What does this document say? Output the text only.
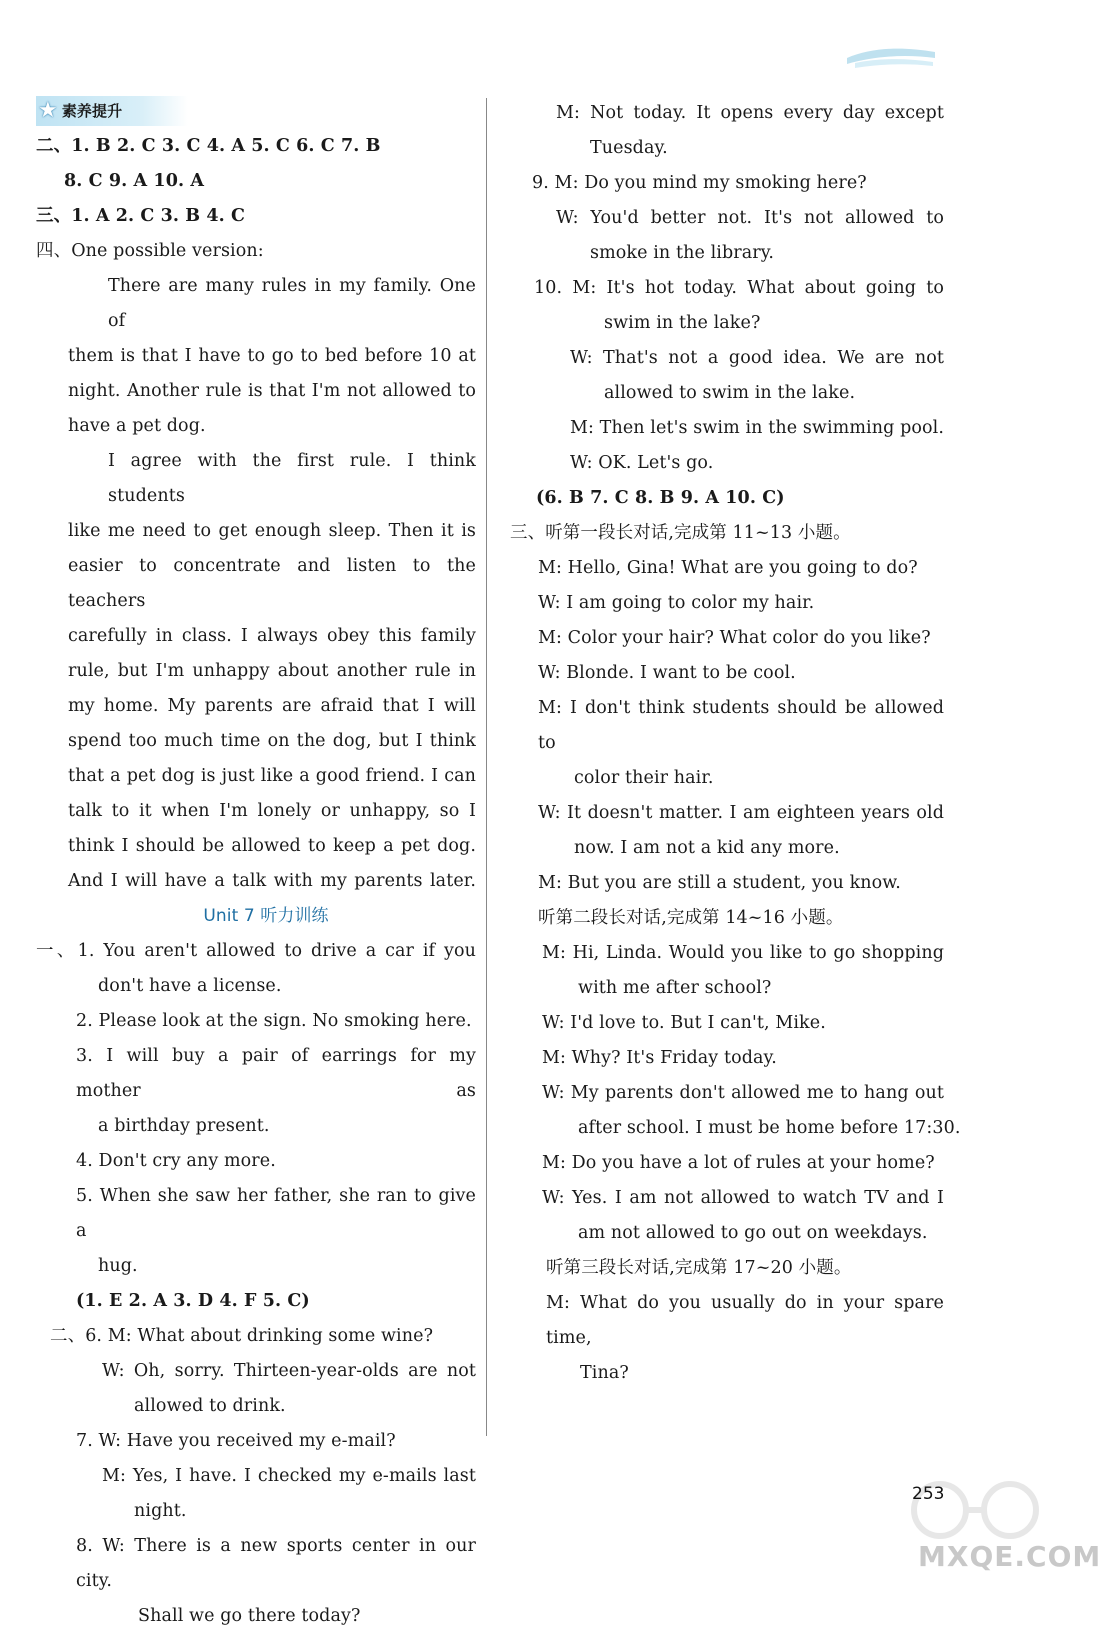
★ 素养提升
二、1. B 2. C 3. C 4. A 5. C 6. C 7. B
8. C 9. A 10. A
三、1. A 2. C 3. B 4. C
四、One possible version:
There are many rules in my family. One of
them is that I have to go to bed before 10 at
night. Another rule is that I'm not allowed to
have a pet dog.
I agree with the first rule. I think students
like me need to get enough sleep. Then it is
easier to concentrate and listen to the teachers
carefully in class. I always obey this family
rule, but I'm unhappy about another rule in
my home. My parents are afraid that I will
spend too much time on the dog, but I think
that a pet dog is just like a good friend. I can
talk to it when I'm lonely or unhappy, so I
think I should be allowed to keep a pet dog.
And I will have a talk with my parents later.
Unit 7 听力训练
一、1. You aren't allowed to drive a car if you
don't have a license.
2. Please look at the sign. No smoking here.
3. I will buy a pair of earrings for my mother as
a birthday present.
4. Don't cry any more.
5. When she saw her father, she ran to give a
hug.
(1. E 2. A 3. D 4. F 5. C)
二、6. M: What about drinking some wine?
W: Oh, sorry. Thirteen-year-olds are not
allowed to drink.
7. W: Have you received my e-mail?
M: Yes, I have. I checked my e-mails last
night.
8. W: There is a new sports center in our city.
Shall we go there today?
M: Not today. It opens every day except
Tuesday.
9. M: Do you mind my smoking here?
W: You'd better not. It's not allowed to
smoke in the library.
10. M: It's hot today. What about going to
swim in the lake?
W: That's not a good idea. We are not
allowed to swim in the lake.
M: Then let's swim in the swimming pool.
W: OK. Let's go.
(6. B 7. C 8. B 9. A 10. C)
三、听第一段长对话,完成第 11~13 小题。
M: Hello, Gina! What are you going to do?
W: I am going to color my hair.
M: Color your hair? What color do you like?
W: Blonde. I want to be cool.
M: I don't think students should be allowed to
color their hair.
W: It doesn't matter. I am eighteen years old
now. I am not a kid any more.
M: But you are still a student, you know.
听第二段长对话,完成第 14~16 小题。
M: Hi, Linda. Would you like to go shopping
with me after school?
W: I'd love to. But I can't, Mike.
M: Why? It's Friday today.
W: My parents don't allowed me to hang out
after school. I must be home before 17:30.
M: Do you have a lot of rules at your home?
W: Yes. I am not allowed to watch TV and I
am not allowed to go out on weekdays.
听第三段长对话,完成第 17~20 小题。
M: What do you usually do in your spare time,
Tina?
MXQE.COM
253
